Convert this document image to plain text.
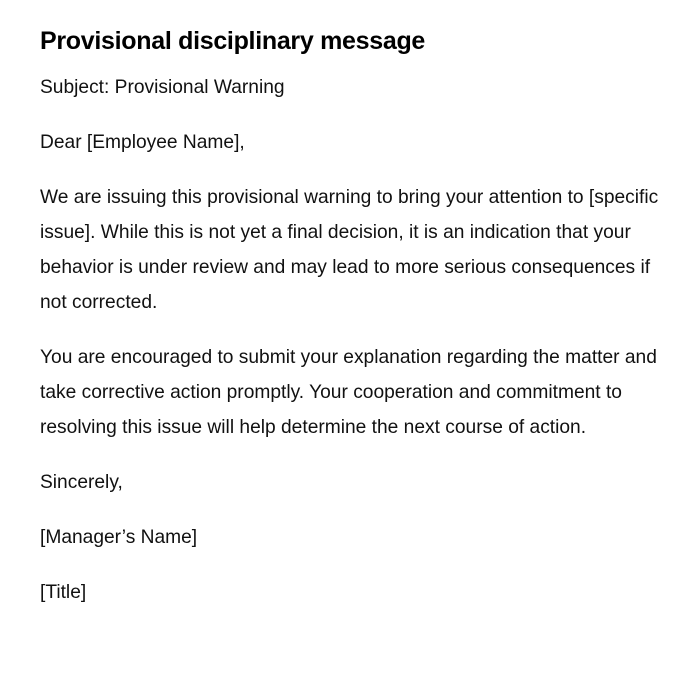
Provisional disciplinary message

Subject: Provisional Warning

Dear [Employee Name],

We are issuing this provisional warning to bring your attention to [specific issue]. While this is not yet a final decision, it is an indication that your behavior is under review and may lead to more serious consequences if not corrected.

You are encouraged to submit your explanation regarding the matter and take corrective action promptly. Your cooperation and commitment to resolving this issue will help determine the next course of action.

Sincerely,

[Manager’s Name]

[Title]
